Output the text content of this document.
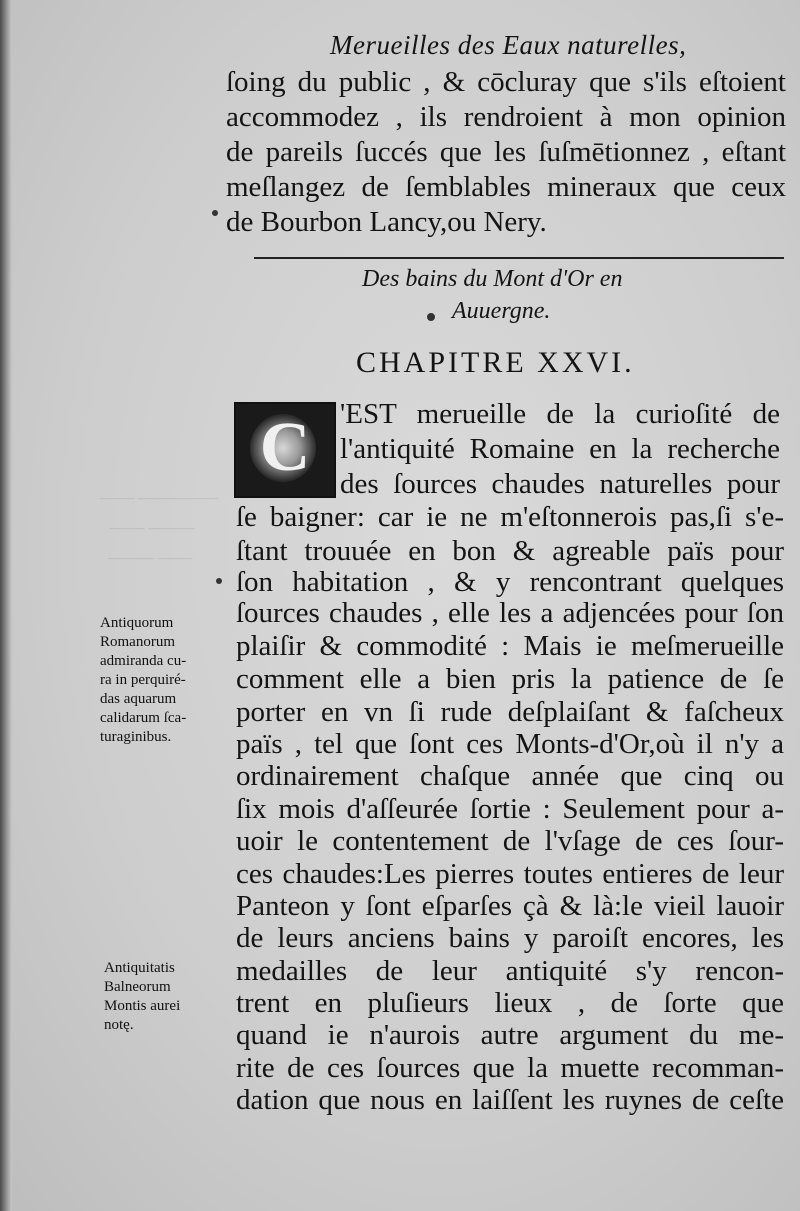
——— ———————
——— ————
———— ———
Merueilles des Eaux naturelles,
ſoing du public , & cōcluray que s'ils eſtoient
accommodez , ils rendroient à mon opinion
de pareils ſuccés que les ſuſmētionnez , eſtant
meſlangez de ſemblables mineraux que ceux
de Bourbon Lancy,ou Nery.
Des bains du Mont d'Or en
Auuergne.
CHAPITRE XXVI.
C	'EST merueille de la curioſité de
l'antiquité Romaine en la recherche
des ſources chaudes naturelles pour
ſe baigner: car ie ne m'eſtonnerois pas,ſi s'e-
ſtant trouuée en bon & agreable païs pour
ſon habitation , & y rencontrant quelques
ſources chaudes , elle les a adjencées pour ſon
plaiſir & commodité : Mais ie meſmerueille
comment elle a bien pris la patience de ſe
porter en vn ſi rude deſplaiſant & faſcheux
païs , tel que ſont ces Monts-d'Or,où il n'y a
ordinairement chaſque année que cinq ou
ſix mois d'aſſeurée ſortie : Seulement pour a-
uoir le contentement de l'vſage de ces ſour-
ces chaudes:Les pierres toutes entieres de leur
Panteon y ſont eſparſes çà & là:le vieil lauoir
de leurs anciens bains y paroiſt encores, les
medailles de leur antiquité s'y rencon-
trent en pluſieurs lieux , de ſorte que
quand ie n'aurois autre argument du me-
rite de ces ſources que la muette recomman-
dation que nous en laiſſent les ruynes de ceſte
Antiquorum
Romanorum
admiranda cu-
ra in perquiré-
das aquarum
calidarum ſca-
turaginibus.
Antiquitatis
Balneorum
Montis aurei
notę.
